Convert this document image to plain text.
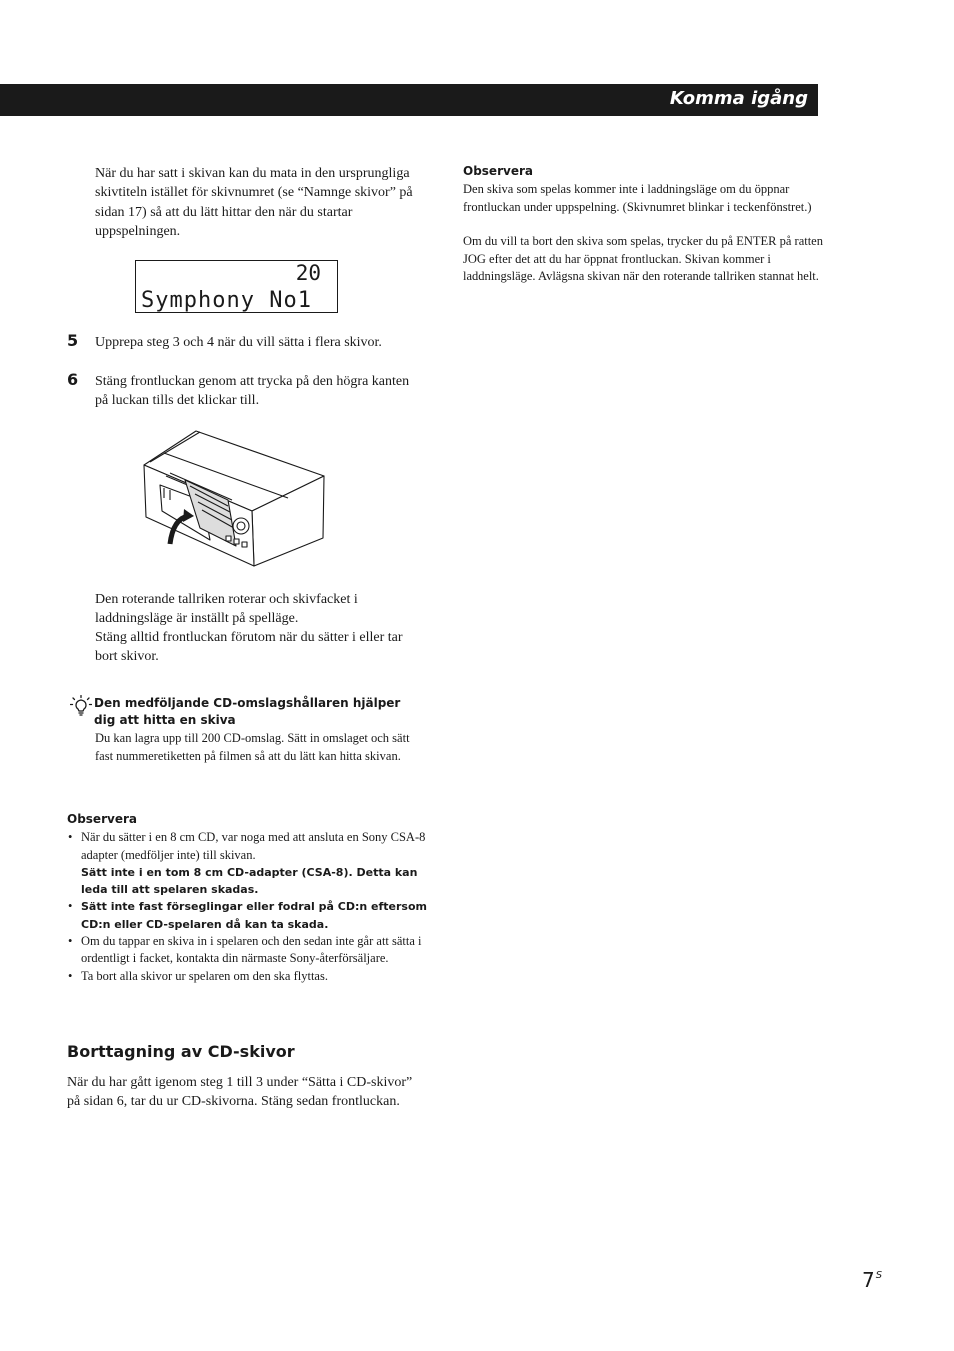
Komma igång

När du har satt i skivan kan du mata in den ursprungliga skivtiteln istället för skivnumret (se “Namnge skivor” på sidan 17) så att du lätt hittar den när du startar uppspelningen.

20
Symphony No1
5 Upprepa steg 3 och 4 när du vill sätta i flera skivor.

6 Stäng frontluckan genom att trycka på den högra kanten på luckan tills det klickar till.

Den roterande tallriken roterar och skivfacket i laddningsläge är inställt på spelläge.

Stäng alltid frontluckan förutom när du sätter i eller tar bort skivor.

Den medföljande CD-omslagshållaren hjälper dig att hitta en skiva

Du kan lagra upp till 200 CD-omslag. Sätt in omslaget och sätt fast nummeretiketten på filmen så att du lätt kan hitta skivan.

Observera
• När du sätter i en 8 cm CD, var noga med att ansluta en Sony CSA-8 adapter (medföljer inte) till skivan.
Sätt inte i en tom 8 cm CD-adapter (CSA-8). Detta kan leda till att spelaren skadas.
• Sätt inte fast förseglingar eller fodral på CD:n eftersom CD:n eller CD-spelaren då kan ta skada.
• Om du tappar en skiva in i spelaren och den sedan inte går att sätta i ordentligt i facket, kontakta din närmaste Sony-återförsäljare.
• Ta bort alla skivor ur spelaren om den ska flyttas.
Borttagning av CD-skivor

När du har gått igenom steg 1 till 3 under “Sätta i CD-skivor” på sidan 6, tar du ur CD-skivorna. Stäng sedan frontluckan.

Observera

Den skiva som spelas kommer inte i laddningsläge om du öppnar frontluckan under uppspelning. (Skivnumret blinkar i teckenfönstret.)

Om du vill ta bort den skiva som spelas, trycker du på ENTER på ratten JOG efter det att du har öppnat frontluckan. Skivan kommer i laddningsläge. Avlägsna skivan när den roterande tallriken stannat helt.

$7^S$
